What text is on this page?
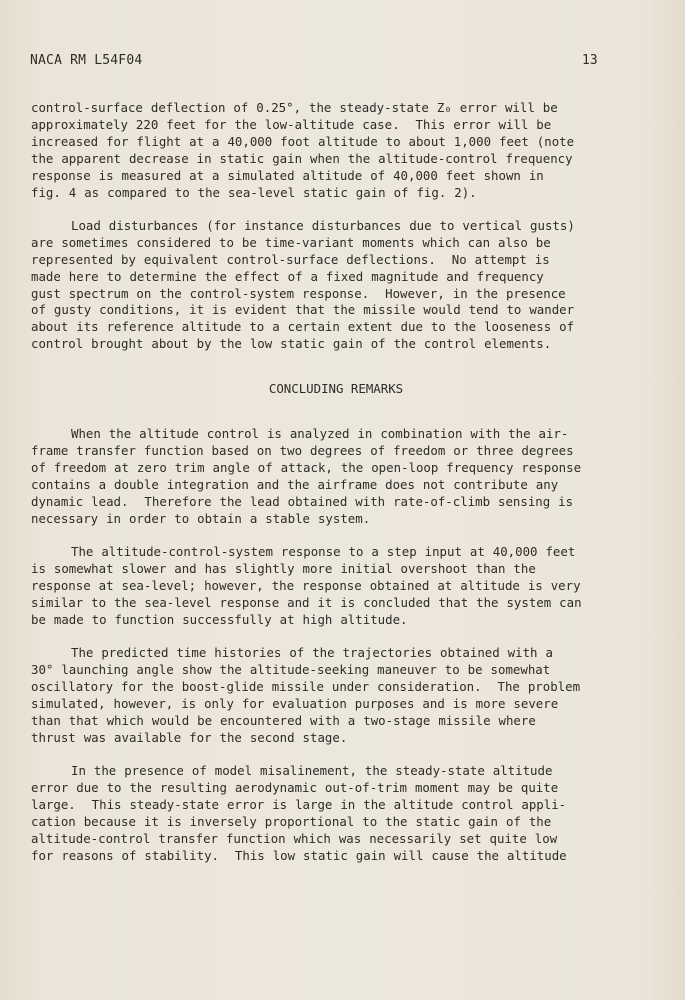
NACA RM L54F04	13
control-surface deflection of 0.25°, the steady-state Z₀ error will be
approximately 220 feet for the low-altitude case.  This error will be
increased for flight at a 40,000 foot altitude to about 1,000 feet (note
the apparent decrease in static gain when the altitude-control frequency
response is measured at a simulated altitude of 40,000 feet shown in
fig. 4 as compared to the sea-level static gain of fig. 2).
Load disturbances (for instance disturbances due to vertical gusts)
are sometimes considered to be time-variant moments which can also be
represented by equivalent control-surface deflections.  No attempt is
made here to determine the effect of a fixed magnitude and frequency
gust spectrum on the control-system response.  However, in the presence
of gusty conditions, it is evident that the missile would tend to wander
about its reference altitude to a certain extent due to the looseness of
control brought about by the low static gain of the control elements.
CONCLUDING REMARKS
When the altitude control is analyzed in combination with the air-
frame transfer function based on two degrees of freedom or three degrees
of freedom at zero trim angle of attack, the open-loop frequency response
contains a double integration and the airframe does not contribute any
dynamic lead.  Therefore the lead obtained with rate-of-climb sensing is
necessary in order to obtain a stable system.
The altitude-control-system response to a step input at 40,000 feet
is somewhat slower and has slightly more initial overshoot than the
response at sea-level; however, the response obtained at altitude is very
similar to the sea-level response and it is concluded that the system can
be made to function successfully at high altitude.
The predicted time histories of the trajectories obtained with a
30° launching angle show the altitude-seeking maneuver to be somewhat
oscillatory for the boost-glide missile under consideration.  The problem
simulated, however, is only for evaluation purposes and is more severe
than that which would be encountered with a two-stage missile where
thrust was available for the second stage.
In the presence of model misalinement, the steady-state altitude
error due to the resulting aerodynamic out-of-trim moment may be quite
large.  This steady-state error is large in the altitude control appli-
cation because it is inversely proportional to the static gain of the
altitude-control transfer function which was necessarily set quite low
for reasons of stability.  This low static gain will cause the altitude
